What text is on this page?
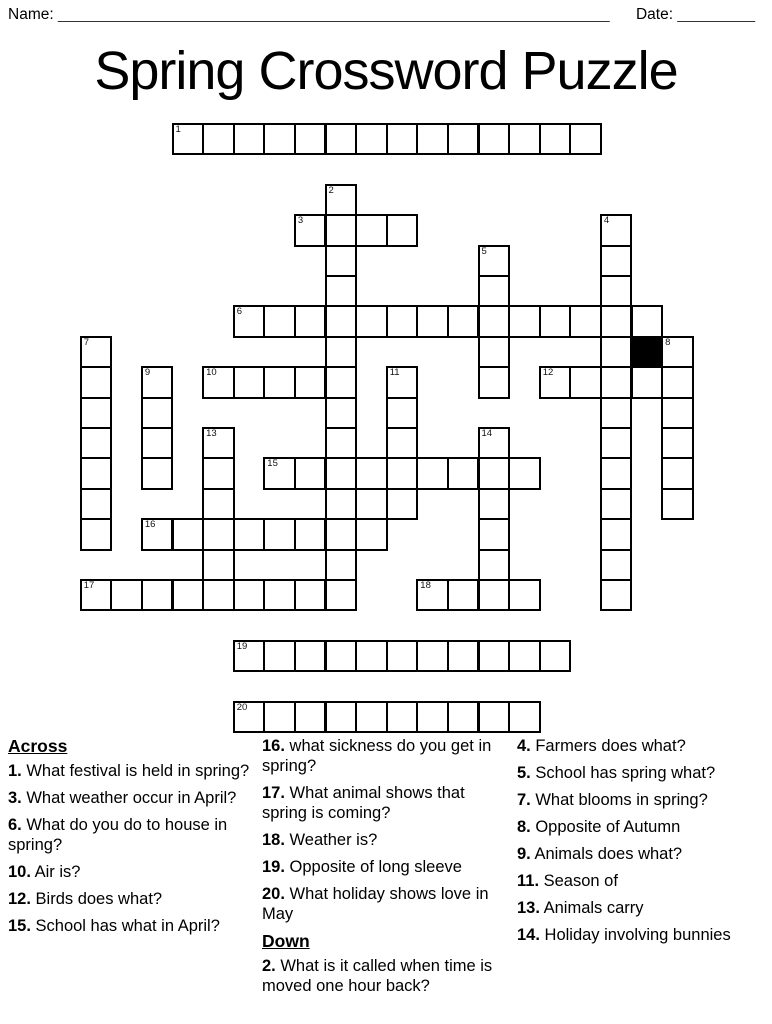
Name: ________________________________________________________________ Date: _________
Spring Crossword Puzzle
1
2
3	4
5
6
7	8
9	10	11	12
13	14
15
16
17	18
19
20
Across
1. What festival is held in spring?
3. What weather occur in April?
6. What do you do to house in spring?
10. Air is?
12. Birds does what?
15. School has what in April?
16. what sickness do you get in spring?
17. What animal shows that spring is coming?
18. Weather is?
19. Opposite of long sleeve
20. What holiday shows love in May
Down
2. What is it called when time is moved one hour back?
4. Farmers does what?
5. School has spring what?
7. What blooms in spring?
8. Opposite of Autumn
9. Animals does what?
11. Season of
13. Animals carry
14. Holiday involving bunnies
